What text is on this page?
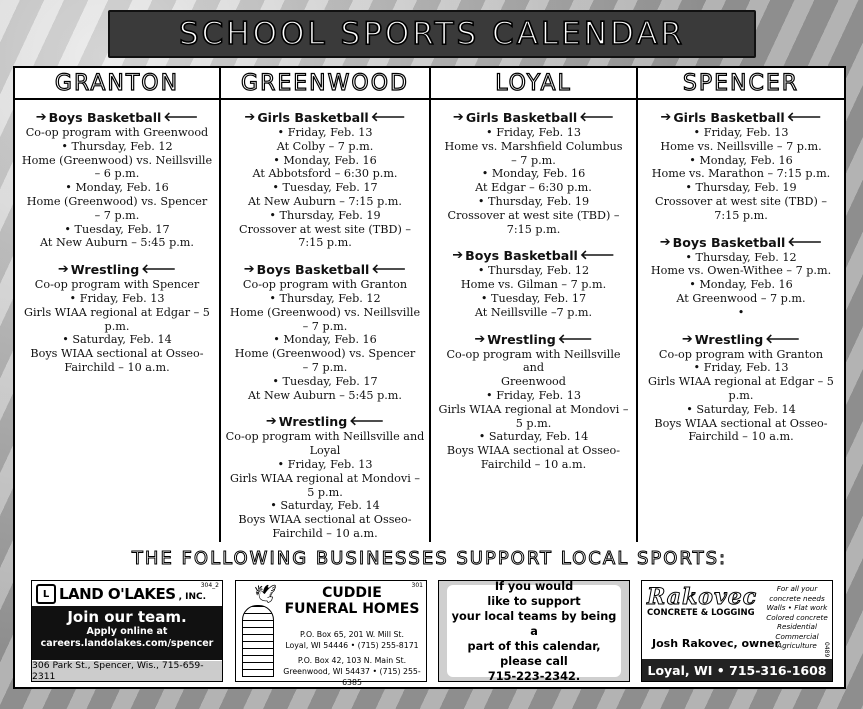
SCHOOL SPORTS CALENDAR
GRANTON
➔ Boys Basketball 🡐
Co-op program with Greenwood
• Thursday, Feb. 12
Home (Greenwood) vs. Neillsville
– 6 p.m.
• Monday, Feb. 16
Home (Greenwood) vs. Spencer
– 7 p.m.
• Tuesday, Feb. 17
At New Auburn – 5:45 p.m.
➔ Wrestling 🡐
Co-op program with Spencer
• Friday, Feb. 13
Girls WIAA regional at Edgar – 5 p.m.
• Saturday, Feb. 14
Boys WIAA sectional at Osseo-
Fairchild – 10 a.m.
GREENWOOD
➔ Girls Basketball 🡐
• Friday, Feb. 13
At Colby – 7 p.m.
• Monday, Feb. 16
At Abbotsford – 6:30 p.m.
• Tuesday, Feb. 17
At New Auburn – 7:15 p.m.
• Thursday, Feb. 19
Crossover at west site (TBD) –
7:15 p.m.
➔ Boys Basketball 🡐
Co-op program with Granton
• Thursday, Feb. 12
Home (Greenwood) vs. Neillsville
– 7 p.m.
• Monday, Feb. 16
Home (Greenwood) vs. Spencer
– 7 p.m.
• Tuesday, Feb. 17
At New Auburn – 5:45 p.m.
➔ Wrestling 🡐
Co-op program with Neillsville and
Loyal
• Friday, Feb. 13
Girls WIAA regional at Mondovi –
5 p.m.
• Saturday, Feb. 14
Boys WIAA sectional at Osseo-
Fairchild – 10 a.m.
LOYAL
➔ Girls Basketball 🡐
• Friday, Feb. 13
Home vs. Marshfield Columbus
– 7 p.m.
• Monday, Feb. 16
At Edgar – 6:30 p.m.
• Thursday, Feb. 19
Crossover at west site (TBD) –
7:15 p.m.
➔ Boys Basketball 🡐
• Thursday, Feb. 12
Home vs. Gilman – 7 p.m.
• Tuesday, Feb. 17
At Neillsville –7 p.m.
➔ Wrestling 🡐
Co-op program with Neillsville and
Greenwood
• Friday, Feb. 13
Girls WIAA regional at Mondovi –
5 p.m.
• Saturday, Feb. 14
Boys WIAA sectional at Osseo-
Fairchild – 10 a.m.
SPENCER
➔ Girls Basketball 🡐
• Friday, Feb. 13
Home vs. Neillsville – 7 p.m.
• Monday, Feb. 16
Home vs. Marathon – 7:15 p.m.
• Thursday, Feb. 19
Crossover at west site (TBD) –
7:15 p.m.
➔ Boys Basketball 🡐
• Thursday, Feb. 12
Home vs. Owen-Withee – 7 p.m.
• Monday, Feb. 16
At Greenwood – 7 p.m.
•
➔ Wrestling 🡐
Co-op program with Granton
• Friday, Feb. 13
Girls WIAA regional at Edgar – 5 p.m.
• Saturday, Feb. 14
Boys WIAA sectional at Osseo-
Fairchild – 10 a.m.
THE FOLLOWING BUSINESSES SUPPORT LOCAL SPORTS:
304_2
L LAND O'LAKES , INC.
Join our team.
Apply online at
careers.landolakes.com/spencer
306 Park St., Spencer, Wis., 715-659-2311
301
🕊	CUDDIE
FUNERAL HOMES
P.O. Box 65, 201 W. Mill St.
Loyal, WI 54446 • (715) 255-8171
P.O. Box 42, 103 N. Main St.
Greenwood, WI 54437 • (715) 255-6385
If you would
like to support
your local teams by being a
part of this calendar,
please call
715-223-2342.
Rakovec
CONCRETE & LOGGING
For all your
concrete needs
Walls • Flat work
Colored concrete
Residential
Commercial
Agriculture
Josh Rakovec, owner
Loyal, WI • 715-316-1608
0489
